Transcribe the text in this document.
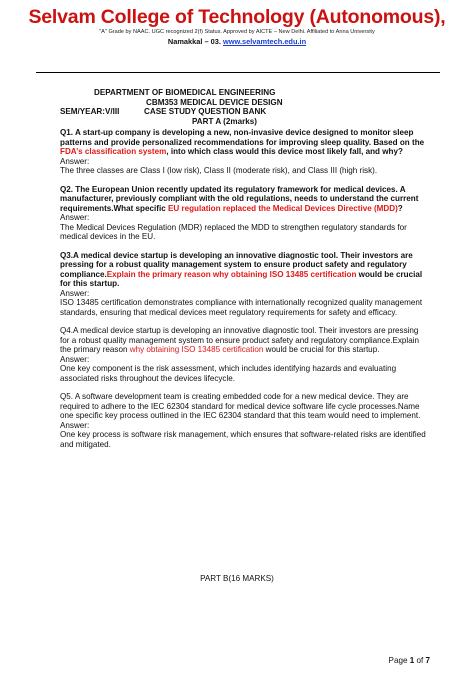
Selvam College of Technology (Autonomous),
"A" Grade by NAAC. UGC recognized 2(f) Status. Approved by AICTE – New Delhi. Affiliated to Anna University
Namakkal – 03. www.selvamtech.edu.in
DEPARTMENT OF BIOMEDICAL ENGINEERING
CBM353 MEDICAL DEVICE DESIGN
SEM/YEAR:V/III	CASE STUDY QUESTION BANK
PART A (2marks)
Q1. A start-up company is developing a new, non-invasive device designed to monitor sleep patterns and provide personalized recommendations for improving sleep quality. Based on the FDA’s classification system, into which class would this device most likely fall, and why?
Answer:
The three classes are Class I (low risk), Class II (moderate risk), and Class III (high risk).
Q2. The European Union recently updated its regulatory framework for medical devices. A manufacturer, previously compliant with the old regulations, needs to understand the current requirements.What specific EU regulation replaced the Medical Devices Directive (MDD)?
Answer:
The Medical Devices Regulation (MDR) replaced the MDD to strengthen regulatory standards for medical devices in the EU.
Q3.A medical device startup is developing an innovative diagnostic tool. Their investors are pressing for a robust quality management system to ensure product safety and regulatory compliance.Explain the primary reason why obtaining ISO 13485 certification would be crucial for this startup.
Answer:
ISO 13485 certification demonstrates compliance with internationally recognized quality management standards, ensuring that medical devices meet regulatory requirements for safety and efficacy.
Q4.A medical device startup is developing an innovative diagnostic tool. Their investors are pressing for a robust quality management system to ensure product safety and regulatory compliance.Explain the primary reason why obtaining ISO 13485 certification would be crucial for this startup.
Answer:
One key component is the risk assessment, which includes identifying hazards and evaluating associated risks throughout the devices lifecycle.
Q5. A software development team is creating embedded code for a new medical device. They are required to adhere to the IEC 62304 standard for medical device software life cycle processes.Name one specific key process outlined in the IEC 62304 standard that this team would need to implement.
Answer:
One key process is software risk management, which ensures that software-related risks are identified and mitigated.
PART B(16 MARKS)
Page 1 of 7
